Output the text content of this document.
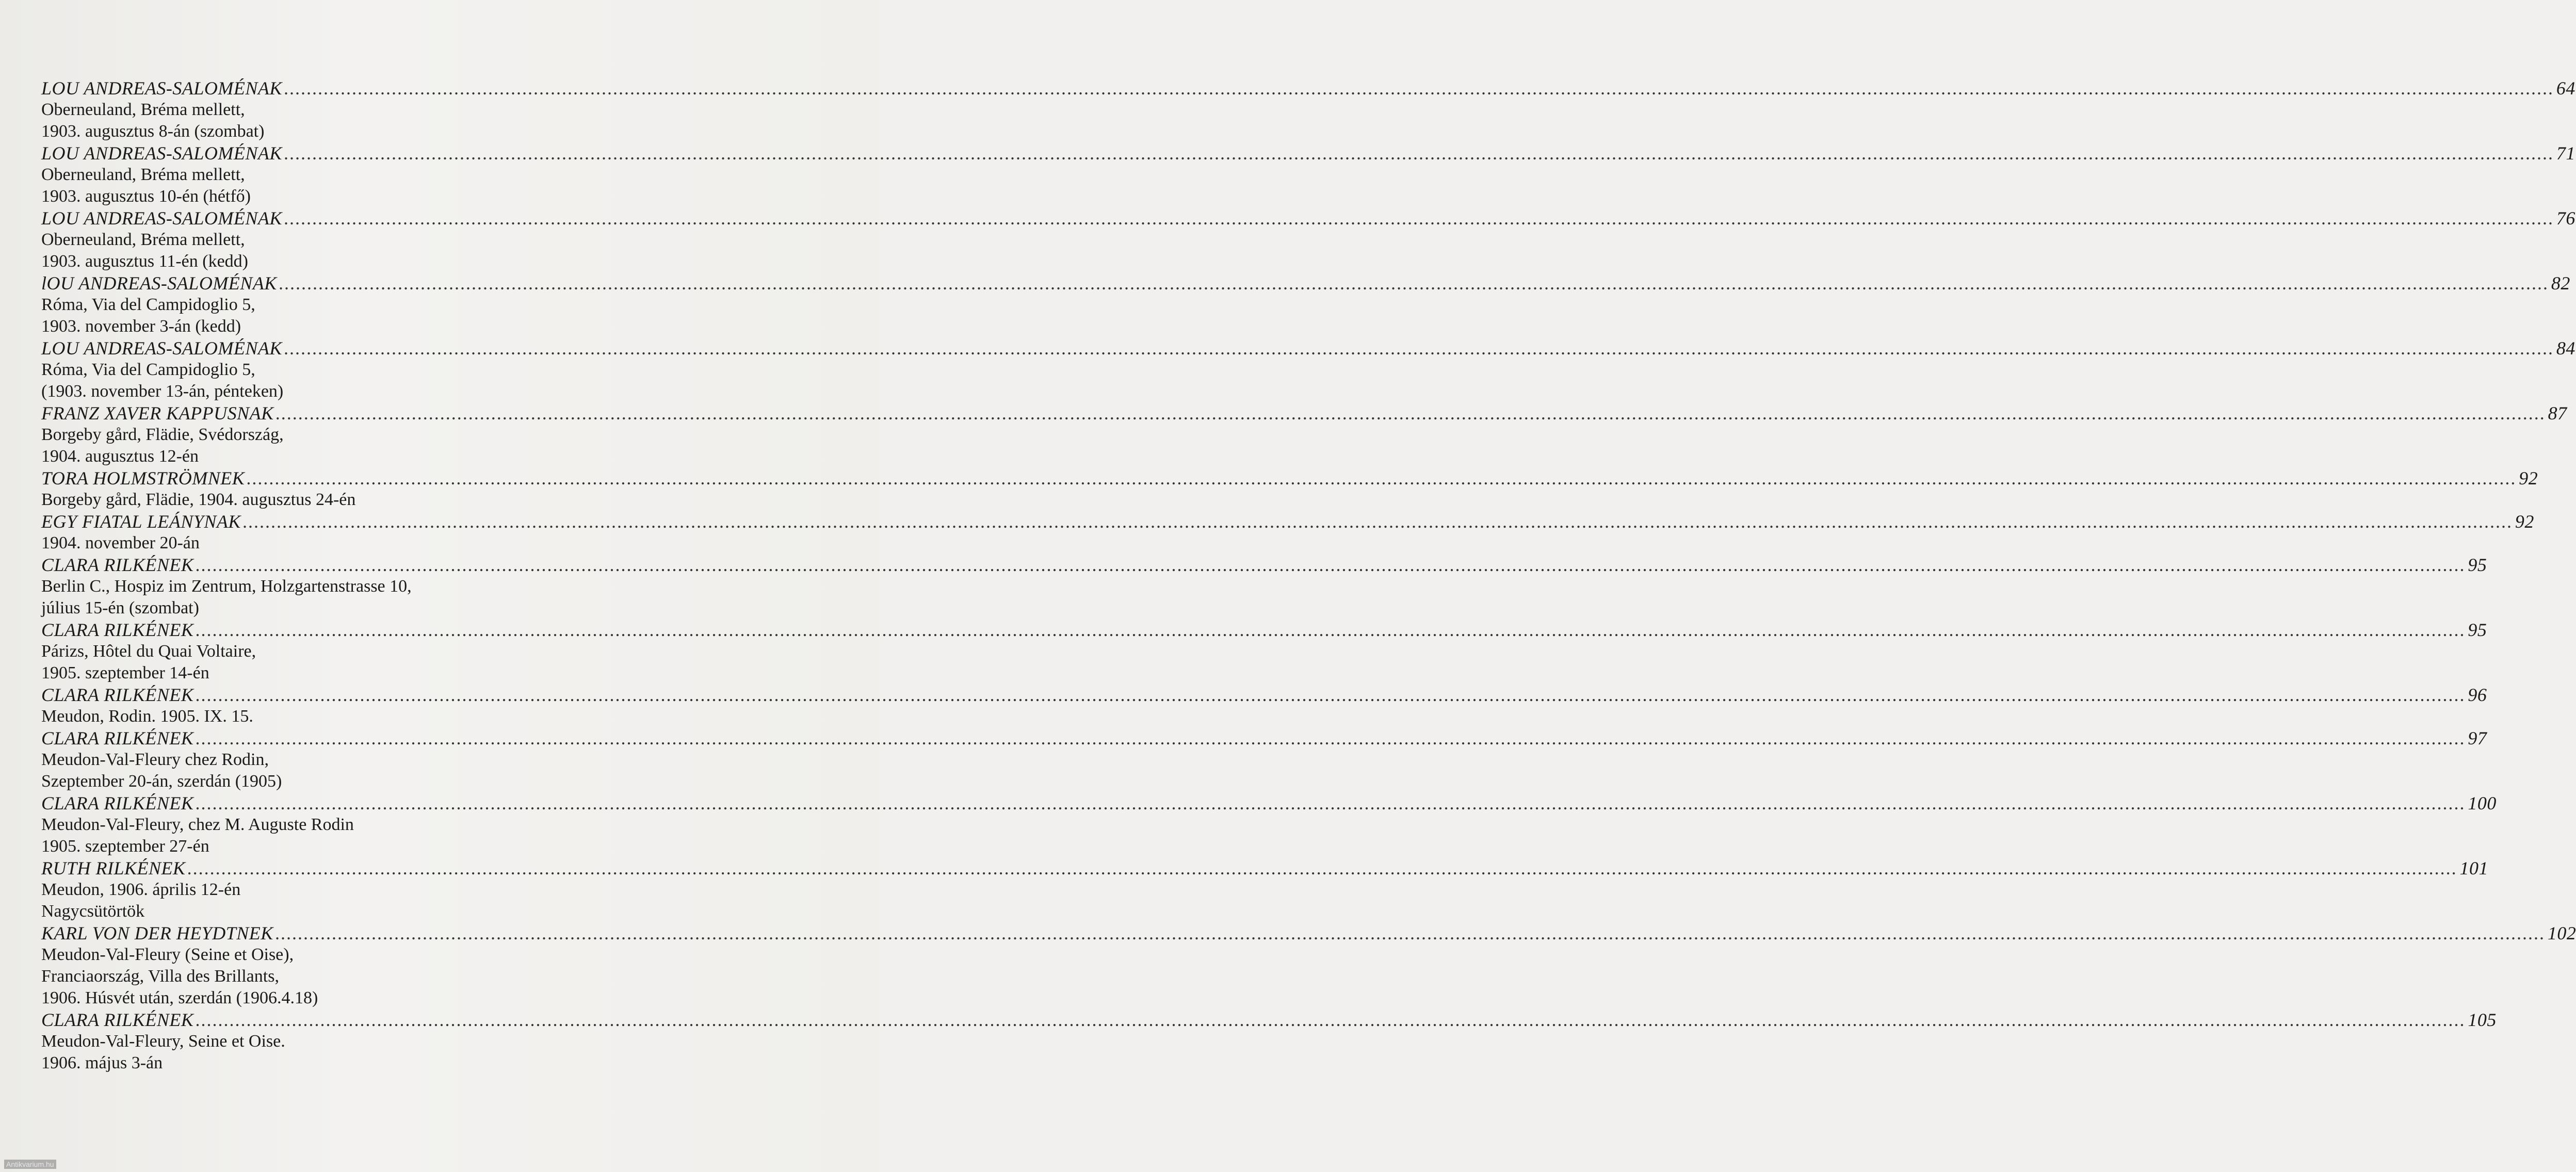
LOU ANDREAS-SALOMÉNAK ................................................................................................................................................................................................................................................................................................................................................................................................................ 64
Oberneuland, Bréma mellett,
1903. augusztus 8-án (szombat)
LOU ANDREAS-SALOMÉNAK ................................................................................................................................................................................................................................................................................................................................................................................................................ 71
Oberneuland, Bréma mellett,
1903. augusztus 10-én (hétfő)
LOU ANDREAS-SALOMÉNAK ................................................................................................................................................................................................................................................................................................................................................................................................................ 76
Oberneuland, Bréma mellett,
1903. augusztus 11-én (kedd)
lOU ANDREAS-SALOMÉNAK ................................................................................................................................................................................................................................................................................................................................................................................................................ 82
Róma, Via del Campidoglio 5,
1903. november 3-án (kedd)
LOU ANDREAS-SALOMÉNAK ................................................................................................................................................................................................................................................................................................................................................................................................................ 84
Róma, Via del Campidoglio 5,
(1903. november 13-án, pénteken)
FRANZ XAVER KAPPUSNAK ................................................................................................................................................................................................................................................................................................................................................................................................................ 87
Borgeby gård, Flädie, Svédország,
1904. augusztus 12-én
TORA HOLMSTRÖMNEK ................................................................................................................................................................................................................................................................................................................................................................................................................ 92
Borgeby gård, Flädie, 1904. augusztus 24-én
EGY FIATAL LEÁNYNAK ................................................................................................................................................................................................................................................................................................................................................................................................................ 92
1904. november 20-án
CLARA RILKÉNEK ................................................................................................................................................................................................................................................................................................................................................................................................................ 95
Berlin C., Hospiz im Zentrum, Holzgartenstrasse 10,
július 15-én (szombat)
CLARA RILKÉNEK ................................................................................................................................................................................................................................................................................................................................................................................................................ 95
Párizs, Hôtel du Quai Voltaire,
1905. szeptember 14-én
CLARA RILKÉNEK ................................................................................................................................................................................................................................................................................................................................................................................................................ 96
Meudon, Rodin. 1905. IX. 15.
CLARA RILKÉNEK ................................................................................................................................................................................................................................................................................................................................................................................................................ 97
Meudon-Val-Fleury chez Rodin,
Szeptember 20-án, szerdán (1905)
CLARA RILKÉNEK ................................................................................................................................................................................................................................................................................................................................................................................................................ 100
Meudon-Val-Fleury, chez M. Auguste Rodin
1905. szeptember 27-én
RUTH RILKÉNEK ................................................................................................................................................................................................................................................................................................................................................................................................................ 101
Meudon, 1906. április 12-én
Nagycsütörtök
KARL VON DER HEYDTNEK ................................................................................................................................................................................................................................................................................................................................................................................................................ 102
Meudon-Val-Fleury (Seine et Oise),
Franciaország, Villa des Brillants,
1906. Húsvét után, szerdán (1906.4.18)
CLARA RILKÉNEK ................................................................................................................................................................................................................................................................................................................................................................................................................ 105
Meudon-Val-Fleury, Seine et Oise.
1906. május 3-án
Antikvarium.hu
